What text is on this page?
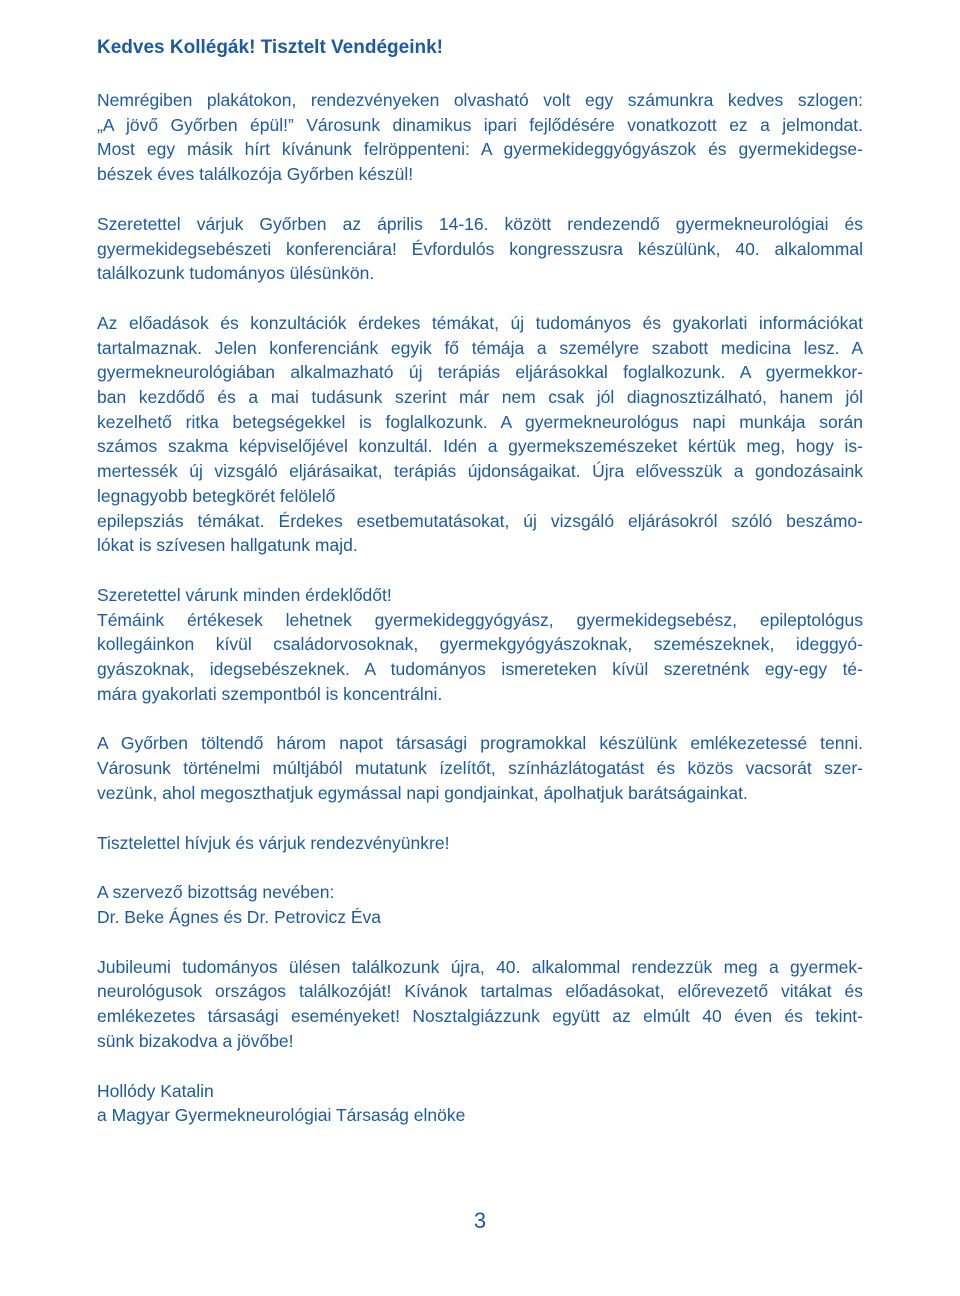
Kedves Kollégák! Tisztelt Vendégeink!

Nemrégiben plakátokon, rendezvényeken olvasható volt egy számunkra kedves szlogen:
„A jövő Győrben épül!” Városunk dinamikus ipari fejlődésére vonatkozott ez a jelmondat.
Most egy másik hírt kívánunk felröppenteni: A gyermekideggyógyászok és gyermekidegse-
bészek éves találkozója Győrben készül!

Szeretettel várjuk Győrben az április 14-16. között rendezendő gyermekneurológiai és
gyermekidegsebészeti konferenciára! Évfordulós kongresszusra készülünk, 40. alkalommal
találkozunk tudományos ülésünkön.

Az előadások és konzultációk érdekes témákat, új tudományos és gyakorlati információkat
tartalmaznak. Jelen konferenciánk egyik fő témája a személyre szabott medicina lesz. A
gyermekneurológiában alkalmazható új terápiás eljárásokkal foglalkozunk. A gyermekkor-
ban kezdődő és a mai tudásunk szerint már nem csak jól diagnosztizálható, hanem jól
kezelhető ritka betegségekkel is foglalkozunk. A gyermekneurológus napi munkája során
számos szakma képviselőjével konzultál. Idén a gyermekszemészeket kértük meg, hogy is-
mertessék új vizsgáló eljárásaikat, terápiás újdonságaikat. Újra elővesszük a gondozásaink
legnagyobb betegkörét felölelő
epilepsziás témákat. Érdekes esetbemutatásokat, új vizsgáló eljárásokról szóló beszámo-
lókat is szívesen hallgatunk majd.

Szeretettel várunk minden érdeklődőt!
Témáink értékesek lehetnek gyermekideggyógyász, gyermekidegsebész, epileptológus
kollegáinkon kívül családorvosoknak, gyermekgyógyászoknak, szemészeknek, ideggyó-
gyászoknak, idegsebészeknek. A tudományos ismereteken kívül szeretnénk egy-egy té-
mára gyakorlati szempontból is koncentrálni.

A Győrben töltendő három napot társasági programokkal készülünk emlékezetessé tenni.
Városunk történelmi múltjából mutatunk ízelítőt, színházlátogatást és közös vacsorát szer-
vezünk, ahol megoszthatjuk egymással napi gondjainkat, ápolhatjuk barátságainkat.

Tisztelettel hívjuk és várjuk rendezvényünkre!

A szervező bizottság nevében:
Dr. Beke Ágnes és Dr. Petrovicz Éva

Jubileumi tudományos ülésen találkozunk újra, 40. alkalommal rendezzük meg a gyermek-
neurológusok országos találkozóját! Kívánok tartalmas előadásokat, előrevezető vitákat és
emlékezetes társasági eseményeket! Nosztalgiázzunk együtt az elmúlt 40 éven és tekint-
sünk bizakodva a jövőbe!

Hollódy Katalin
a Magyar Gyermekneurológiai Társaság elnöke

3
